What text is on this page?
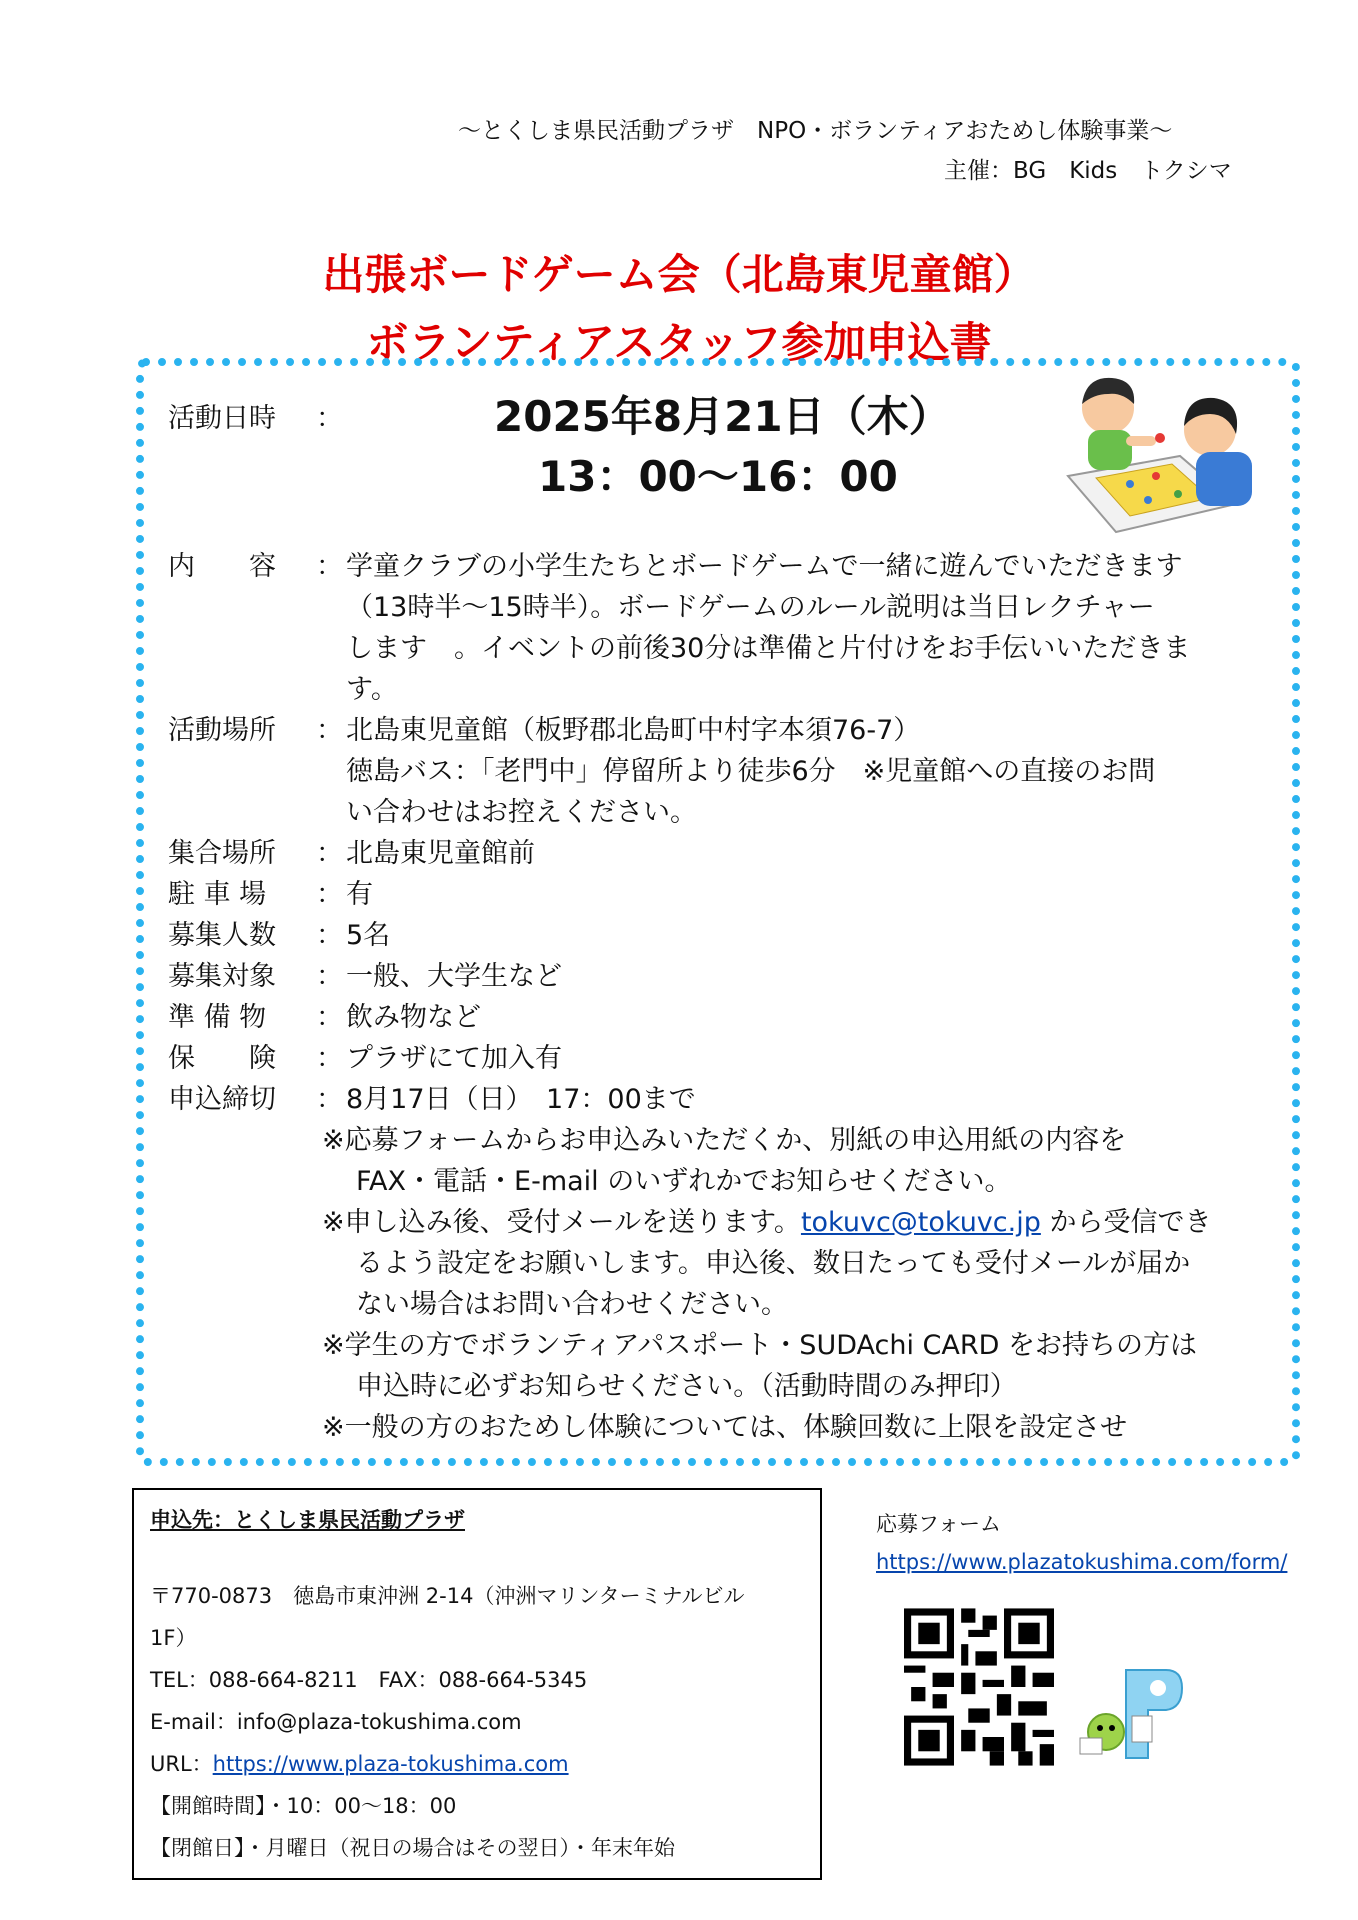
～とくしま県民活動プラザ　NPO・ボランティアおためし体験事業～
主催：BG　Kids　トクシマ
出張ボードゲーム会（北島東児童館）
ボランティアスタッフ参加申込書
活動日時 ：	2025年8月21日（木）
13：00～16：00
内　　容 ： 学童クラブの小学生たちとボードゲームで一緒に遊んでいただきます
（13時半～15時半）。ボードゲームのルール説明は当日レクチャー
します　。イベントの前後30分は準備と片付けをお手伝いいただきま
す。
活動場所 ： 北島東児童館（板野郡北島町中村字本須76-7）
徳島バス：「老門中」停留所より徒歩6分　※児童館への直接のお問
い合わせはお控えください。
集合場所 ： 北島東児童館前
駐 車 場 ： 有
募集人数 ： 5名
募集対象 ： 一般、大学生など
準 備 物 ： 飲み物など
保　　険 ： プラザにて加入有
申込締切 ： 8月17日（日）　17：00まで
※応募フォームからお申込みいただくか、別紙の申込用紙の内容を
FAX・電話・E-mail のいずれかでお知らせください。
※申し込み後、受付メールを送ります。tokuvc@tokuvc.jp から受信でき
るよう設定をお願いします。申込後、数日たっても受付メールが届か
ない場合はお問い合わせください。
※学生の方でボランティアパスポート・SUDAchi CARD をお持ちの方は
申込時に必ずお知らせください。（活動時間のみ押印）
※一般の方のおためし体験については、体験回数に上限を設定させ
申込先：とくしま県民活動プラザ
〒770-0873　徳島市東沖洲 2-14（沖洲マリンターミナルビル
1F）
TEL：088-664-8211　FAX：088-664-5345
E-mail：info@plaza-tokushima.com
URL：https://www.plaza-tokushima.com
【開館時間】・10：00～18：00
【閉館日】・月曜日（祝日の場合はその翌日）・年末年始
応募フォーム
https://www.plazatokushima.com/form/
